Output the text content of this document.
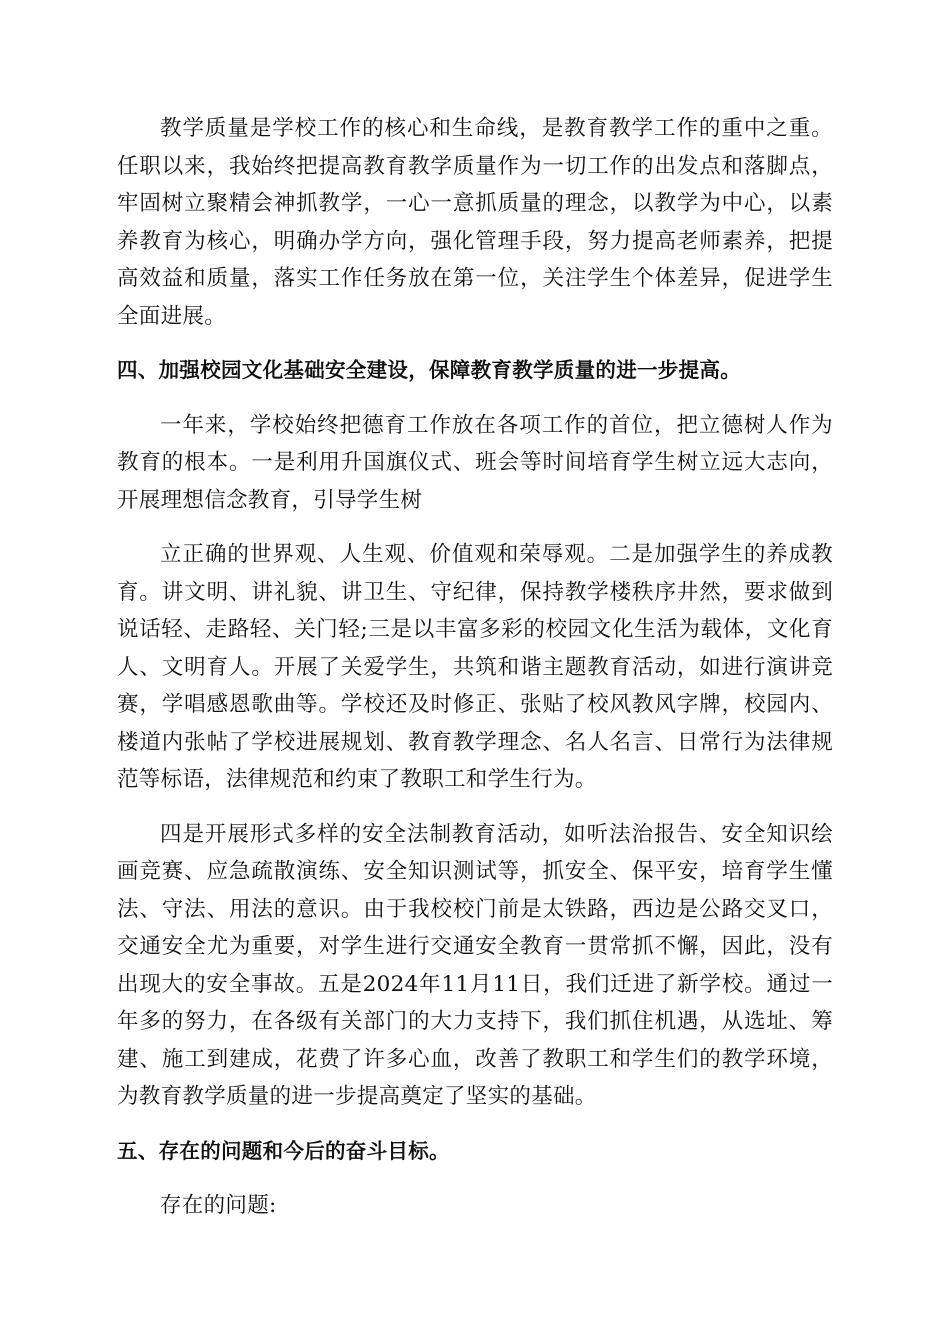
教学质量是学校工作的核心和生命线，是教育教学工作的重中之重。任职以来，我始终把提高教育教学质量作为一切工作的出发点和落脚点，牢固树立聚精会神抓教学，一心一意抓质量的理念，以教学为中心，以素养教育为核心，明确办学方向，强化管理手段，努力提高老师素养，把提高效益和质量，落实工作任务放在第一位，关注学生个体差异，促进学生全面进展。

四、加强校园文化基础安全建设，保障教育教学质量的进一步提高。

一年来，学校始终把德育工作放在各项工作的首位，把立德树人作为教育的根本。一是利用升国旗仪式、班会等时间培育学生树立远大志向，开展理想信念教育，引导学生树

立正确的世界观、人生观、价值观和荣辱观。二是加强学生的养成教育。讲文明、讲礼貌、讲卫生、守纪律，保持教学楼秩序井然，要求做到说话轻、走路轻、关门轻;三是以丰富多彩的校园文化生活为载体，文化育人、文明育人。开展了关爱学生，共筑和谐主题教育活动，如进行演讲竞赛，学唱感恩歌曲等。学校还及时修正、张贴了校风教风字牌，校园内、楼道内张帖了学校进展规划、教育教学理念、名人名言、日常行为法律规范等标语，法律规范和约束了教职工和学生行为。

四是开展形式多样的安全法制教育活动，如听法治报告、安全知识绘画竞赛、应急疏散演练、安全知识测试等，抓安全、保平安，培育学生懂法、守法、用法的意识。由于我校校门前是太铁路，西边是公路交叉口，交通安全尤为重要，对学生进行交通安全教育一贯常抓不懈，因此，没有出现大的安全事故。五是2024年11月11日，我们迁进了新学校。通过一年多的努力，在各级有关部门的大力支持下，我们抓住机遇，从选址、筹建、施工到建成，花费了许多心血，改善了教职工和学生们的教学环境，为教育教学质量的进一步提高奠定了坚实的基础。

五、存在的问题和今后的奋斗目标。

存在的问题:
